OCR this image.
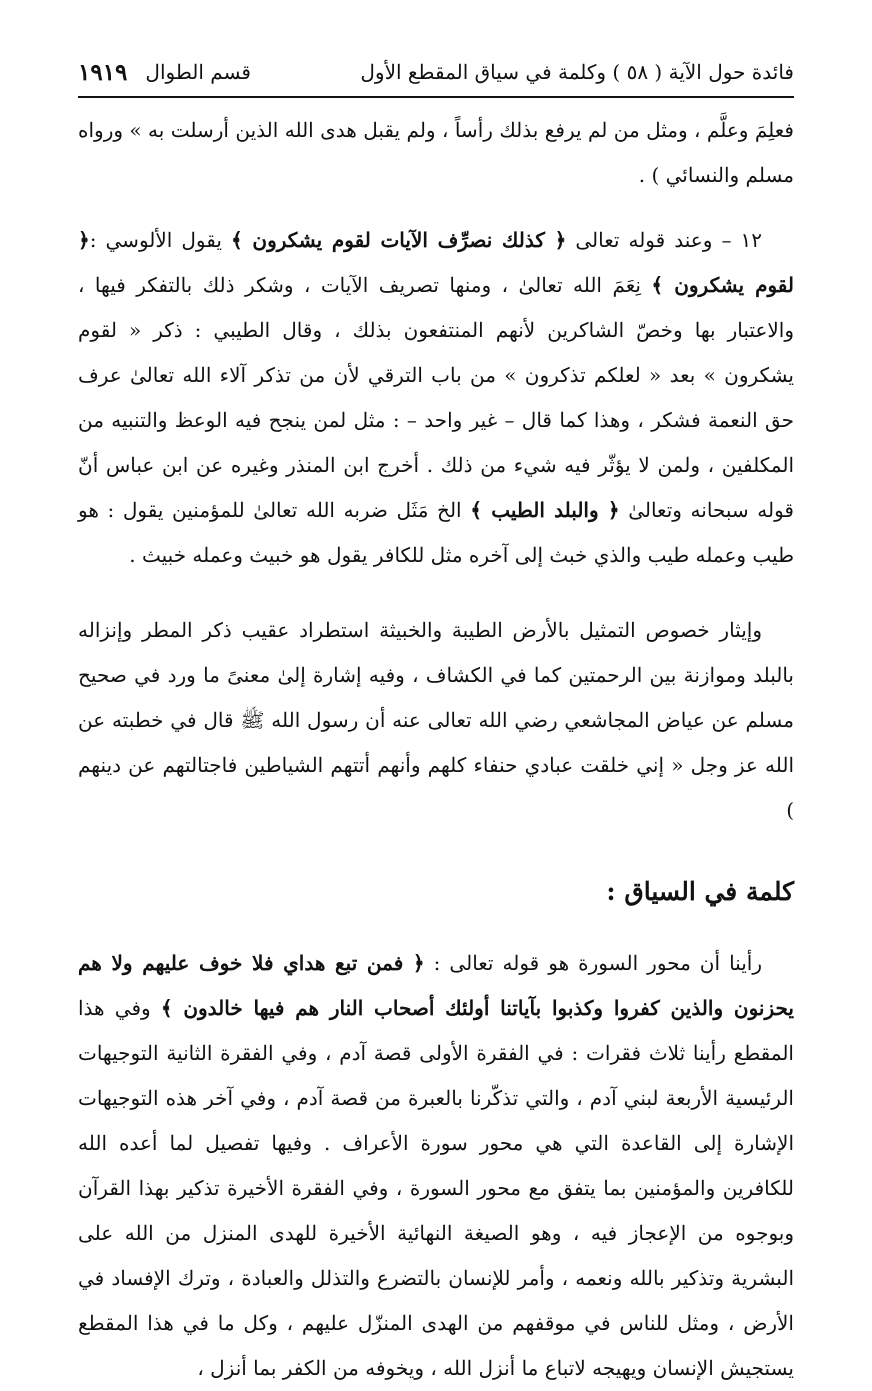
فائدة حول الآية ( ٥٨ ) وكلمة في سياق المقطع الأول
قسم الطوال
١٩١٩

فعلِمَ وعلَّم ، ومثل من لم يرفع بذلك رأساً ، ولم يقبل هدى الله الذين أرسلت به » ورواه مسلم والنسائي ) .

١٢ – وعند قوله تعالى ﴿ كذلك نصرِّف الآيات لقوم يشكرون ﴾ يقول الألوسي :﴿ لقوم يشكرون ﴾ نِعَمَ الله تعالىٰ ، ومنها تصريف الآيات ، وشكر ذلك بالتفكر فيها ، والاعتبار بها وخصّ الشاكرين لأنهم المنتفعون بذلك ، وقال الطيبي : ذكر « لقوم يشكرون » بعد « لعلكم تذكرون » من باب الترقي لأن من تذكر آلاء الله تعالىٰ عرف حق النعمة فشكر ، وهذا كما قال – غير واحد – : مثل لمن ينجح فيه الوعظ والتنبيه من المكلفين ، ولمن لا يؤثّر فيه شيء من ذلك . أخرج ابن المنذر وغيره عن ابن عباس أنّ قوله سبحانه وتعالىٰ ﴿ والبلد الطيب ﴾ الخ مَثَل ضربه الله تعالىٰ للمؤمنين يقول : هو طيب وعمله طيب والذي خبث إلى آخره مثل للكافر يقول هو خبيث وعمله خبيث .

وإيثار خصوص التمثيل بالأرض الطيبة والخبيثة استطراد عقيب ذكر المطر وإنزاله بالبلد وموازنة بين الرحمتين كما في الكشاف ، وفيه إشارة إلىٰ معنىً ما ورد في صحيح مسلم عن عياض المجاشعي رضي الله تعالى عنه أن رسول الله ﷺ قال في خطبته عن الله عز وجل « إني خلقت عبادي حنفاء كلهم وأنهم أتتهم الشياطين فاجتالتهم عن دينهم )

كلمة في السياق :

رأينا أن محور السورة هو قوله تعالى : ﴿ فمن تبع هداي فلا خوف عليهم ولا هم يحزنون والذين كفروا وكذبوا بآياتنا أولئك أصحاب النار هم فيها خالدون ﴾ وفي هذا المقطع رأينا ثلاث فقرات : في الفقرة الأولى قصة آدم ، وفي الفقرة الثانية التوجيهات الرئيسية الأربعة لبني آدم ، والتي تذكّرنا بالعبرة من قصة آدم ، وفي آخر هذه التوجيهات الإشارة إلى القاعدة التي هي محور سورة الأعراف . وفيها تفصيل لما أعده الله للكافرين والمؤمنين بما يتفق مع محور السورة ، وفي الفقرة الأخيرة تذكير بهذا القرآن وبوجوه من الإعجاز فيه ، وهو الصيغة النهائية الأخيرة للهدى المنزل من الله على البشرية وتذكير بالله ونعمه ، وأمر للإنسان بالتضرع والتذلل والعبادة ، وترك الإفساد في الأرض ، ومثل للناس في موقفهم من الهدى المنزّل عليهم ، وكل ما في هذا المقطع يستجيش الإنسان ويهيجه لاتباع ما أنزل الله ، ويخوفه من الكفر بما أنزل ،
